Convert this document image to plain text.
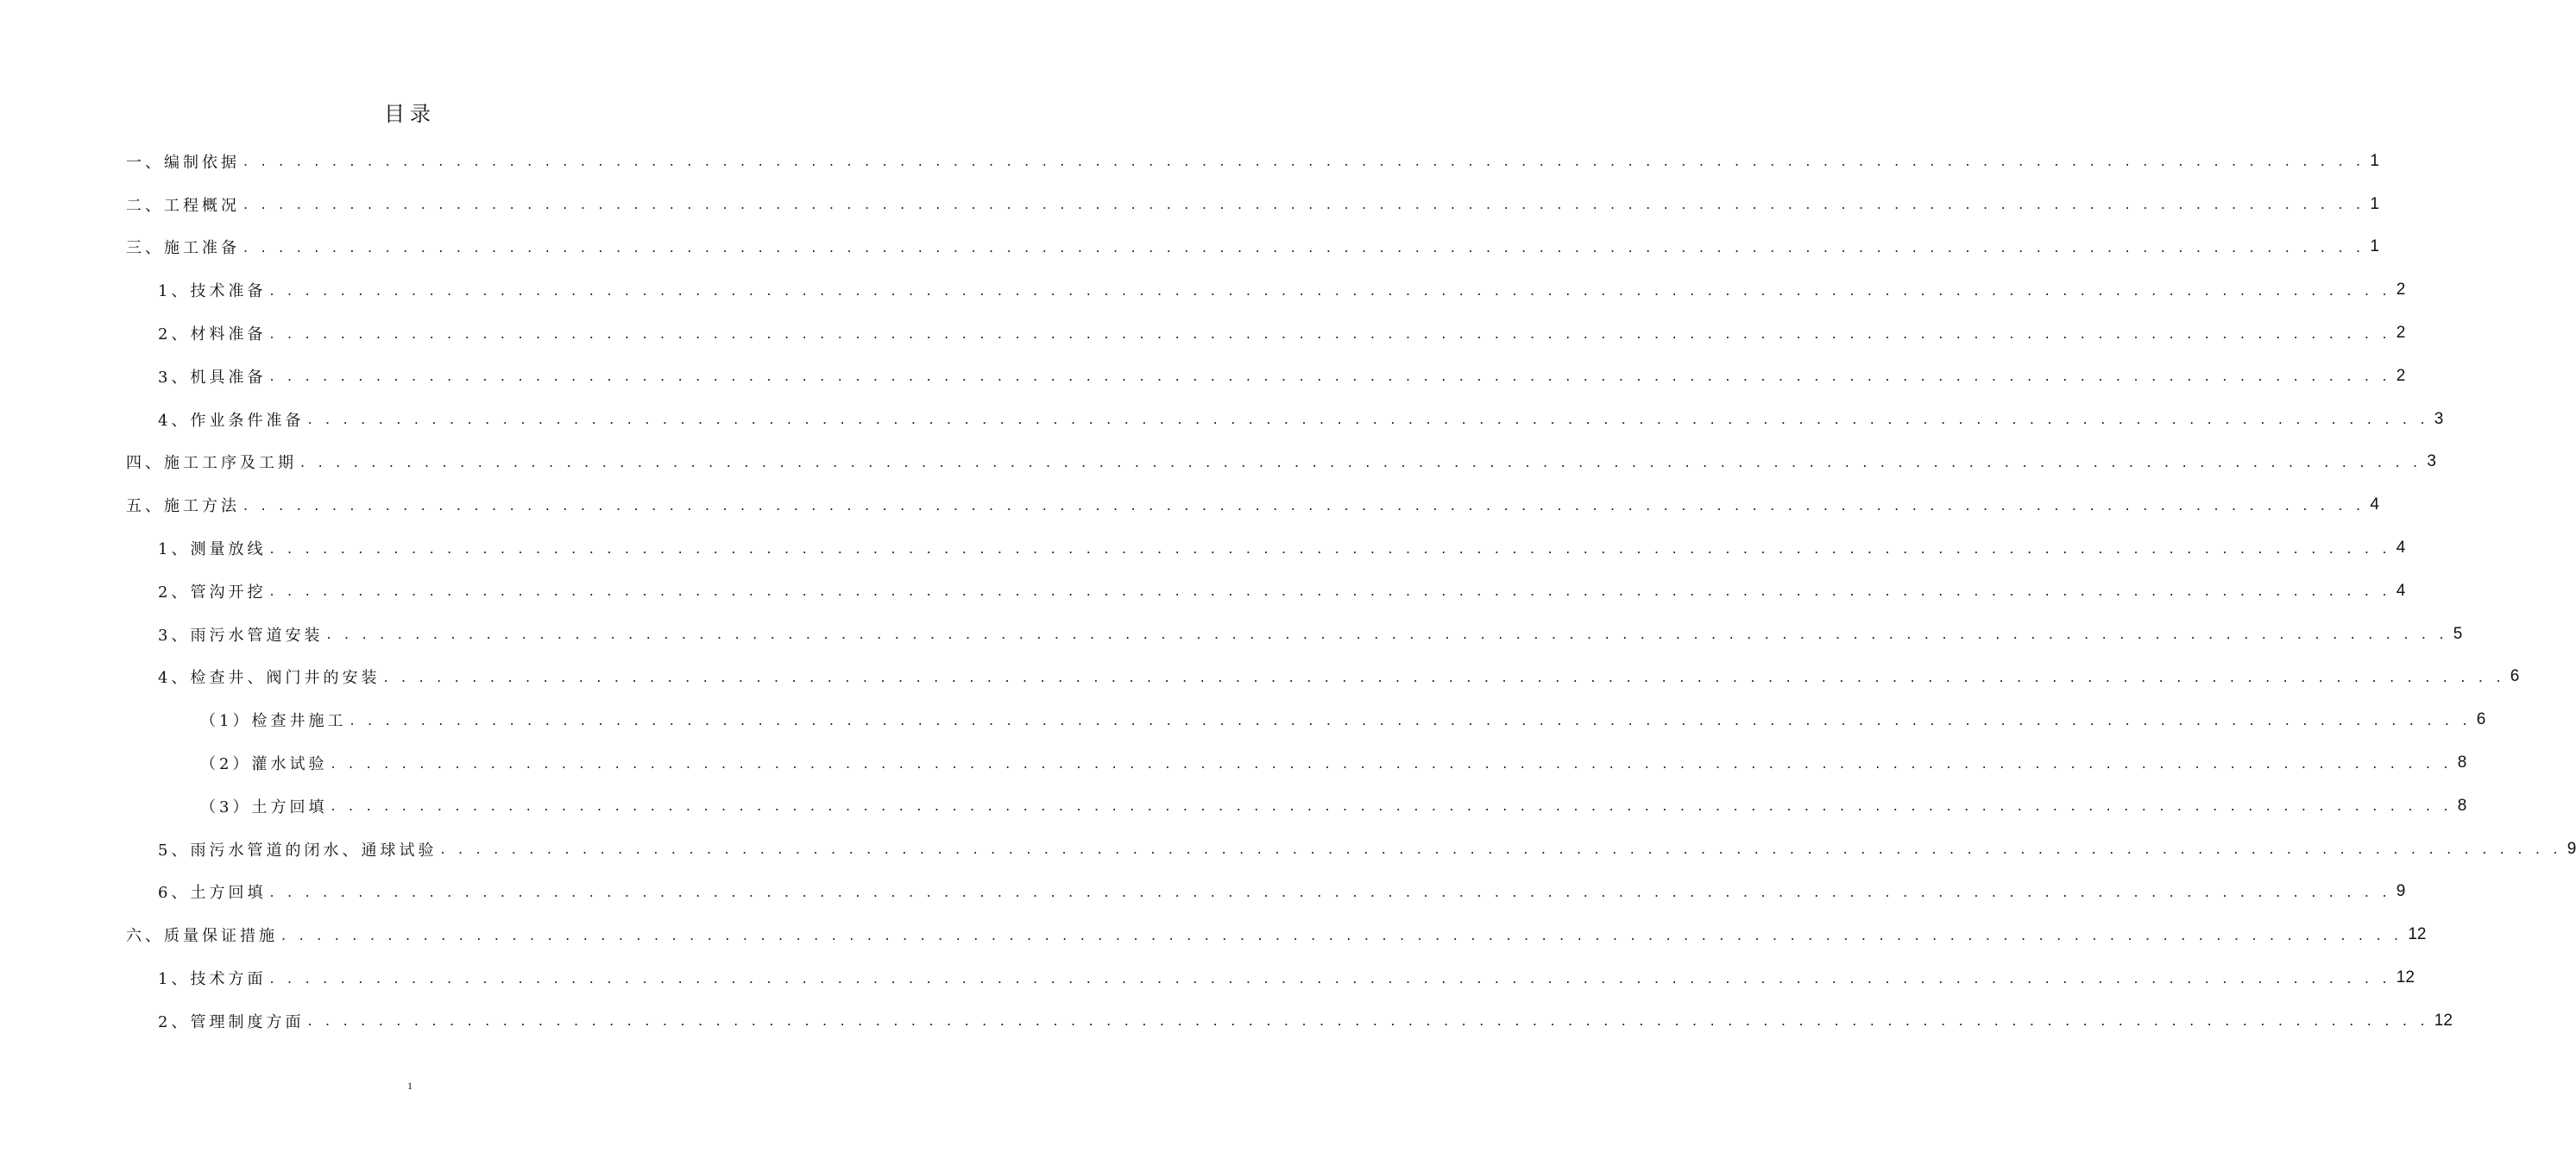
目录
一、编制依据 . . . . . . . . . . . . . . . . . . . . . . . . . . . . . . . . . . . . . . . . . . . . . . . . . . . . . . . . . . . . . . . . . . . . . . . . . . . . . . . . . . . . . . . . . . . . . . . . . . . . . . . . . . . . . . . . . . . . . . . . 1
二、工程概况 . . . . . . . . . . . . . . . . . . . . . . . . . . . . . . . . . . . . . . . . . . . . . . . . . . . . . . . . . . . . . . . . . . . . . . . . . . . . . . . . . . . . . . . . . . . . . . . . . . . . . . . . . . . . . . . . . . . . . . . . 1
三、施工准备 . . . . . . . . . . . . . . . . . . . . . . . . . . . . . . . . . . . . . . . . . . . . . . . . . . . . . . . . . . . . . . . . . . . . . . . . . . . . . . . . . . . . . . . . . . . . . . . . . . . . . . . . . . . . . . . . . . . . . . . . 1
1、技术准备 . . . . . . . . . . . . . . . . . . . . . . . . . . . . . . . . . . . . . . . . . . . . . . . . . . . . . . . . . . . . . . . . . . . . . . . . . . . . . . . . . . . . . . . . . . . . . . . . . . . . . . . . . . . . . . . . . . . . . . . . 2
2、材料准备 . . . . . . . . . . . . . . . . . . . . . . . . . . . . . . . . . . . . . . . . . . . . . . . . . . . . . . . . . . . . . . . . . . . . . . . . . . . . . . . . . . . . . . . . . . . . . . . . . . . . . . . . . . . . . . . . . . . . . . . . 2
3、机具准备 . . . . . . . . . . . . . . . . . . . . . . . . . . . . . . . . . . . . . . . . . . . . . . . . . . . . . . . . . . . . . . . . . . . . . . . . . . . . . . . . . . . . . . . . . . . . . . . . . . . . . . . . . . . . . . . . . . . . . . . . 2
4、作业条件准备 . . . . . . . . . . . . . . . . . . . . . . . . . . . . . . . . . . . . . . . . . . . . . . . . . . . . . . . . . . . . . . . . . . . . . . . . . . . . . . . . . . . . . . . . . . . . . . . . . . . . . . . . . . . . . . . . . . . . . . . . 3
四、施工工序及工期 . . . . . . . . . . . . . . . . . . . . . . . . . . . . . . . . . . . . . . . . . . . . . . . . . . . . . . . . . . . . . . . . . . . . . . . . . . . . . . . . . . . . . . . . . . . . . . . . . . . . . . . . . . . . . . . . . . . . . . . . 3
五、施工方法 . . . . . . . . . . . . . . . . . . . . . . . . . . . . . . . . . . . . . . . . . . . . . . . . . . . . . . . . . . . . . . . . . . . . . . . . . . . . . . . . . . . . . . . . . . . . . . . . . . . . . . . . . . . . . . . . . . . . . . . . 4
1、测量放线 . . . . . . . . . . . . . . . . . . . . . . . . . . . . . . . . . . . . . . . . . . . . . . . . . . . . . . . . . . . . . . . . . . . . . . . . . . . . . . . . . . . . . . . . . . . . . . . . . . . . . . . . . . . . . . . . . . . . . . . . 4
2、管沟开挖 . . . . . . . . . . . . . . . . . . . . . . . . . . . . . . . . . . . . . . . . . . . . . . . . . . . . . . . . . . . . . . . . . . . . . . . . . . . . . . . . . . . . . . . . . . . . . . . . . . . . . . . . . . . . . . . . . . . . . . . . 4
3、雨污水管道安装 . . . . . . . . . . . . . . . . . . . . . . . . . . . . . . . . . . . . . . . . . . . . . . . . . . . . . . . . . . . . . . . . . . . . . . . . . . . . . . . . . . . . . . . . . . . . . . . . . . . . . . . . . . . . . . . . . . . . . . . . 5
4、检查井、阀门井的安装 . . . . . . . . . . . . . . . . . . . . . . . . . . . . . . . . . . . . . . . . . . . . . . . . . . . . . . . . . . . . . . . . . . . . . . . . . . . . . . . . . . . . . . . . . . . . . . . . . . . . . . . . . . . . . . . . . . . . . . . . 6
（1）检查井施工 . . . . . . . . . . . . . . . . . . . . . . . . . . . . . . . . . . . . . . . . . . . . . . . . . . . . . . . . . . . . . . . . . . . . . . . . . . . . . . . . . . . . . . . . . . . . . . . . . . . . . . . . . . . . . . . . . . . . . . . . 6
（2）灌水试验 . . . . . . . . . . . . . . . . . . . . . . . . . . . . . . . . . . . . . . . . . . . . . . . . . . . . . . . . . . . . . . . . . . . . . . . . . . . . . . . . . . . . . . . . . . . . . . . . . . . . . . . . . . . . . . . . . . . . . . . . 8
（3）土方回填 . . . . . . . . . . . . . . . . . . . . . . . . . . . . . . . . . . . . . . . . . . . . . . . . . . . . . . . . . . . . . . . . . . . . . . . . . . . . . . . . . . . . . . . . . . . . . . . . . . . . . . . . . . . . . . . . . . . . . . . . 8
5、雨污水管道的闭水、通球试验 . . . . . . . . . . . . . . . . . . . . . . . . . . . . . . . . . . . . . . . . . . . . . . . . . . . . . . . . . . . . . . . . . . . . . . . . . . . . . . . . . . . . . . . . . . . . . . . . . . . . . . . . . . . . . . . . . . . . . . . . 9
6、土方回填 . . . . . . . . . . . . . . . . . . . . . . . . . . . . . . . . . . . . . . . . . . . . . . . . . . . . . . . . . . . . . . . . . . . . . . . . . . . . . . . . . . . . . . . . . . . . . . . . . . . . . . . . . . . . . . . . . . . . . . . . 9
六、质量保证措施 . . . . . . . . . . . . . . . . . . . . . . . . . . . . . . . . . . . . . . . . . . . . . . . . . . . . . . . . . . . . . . . . . . . . . . . . . . . . . . . . . . . . . . . . . . . . . . . . . . . . . . . . . . . . . . . . . . . . . . . . 12
1、技术方面 . . . . . . . . . . . . . . . . . . . . . . . . . . . . . . . . . . . . . . . . . . . . . . . . . . . . . . . . . . . . . . . . . . . . . . . . . . . . . . . . . . . . . . . . . . . . . . . . . . . . . . . . . . . . . . . . . . . . . . . . 12
2、管理制度方面 . . . . . . . . . . . . . . . . . . . . . . . . . . . . . . . . . . . . . . . . . . . . . . . . . . . . . . . . . . . . . . . . . . . . . . . . . . . . . . . . . . . . . . . . . . . . . . . . . . . . . . . . . . . . . . . . . . . . . . . . 12
1
